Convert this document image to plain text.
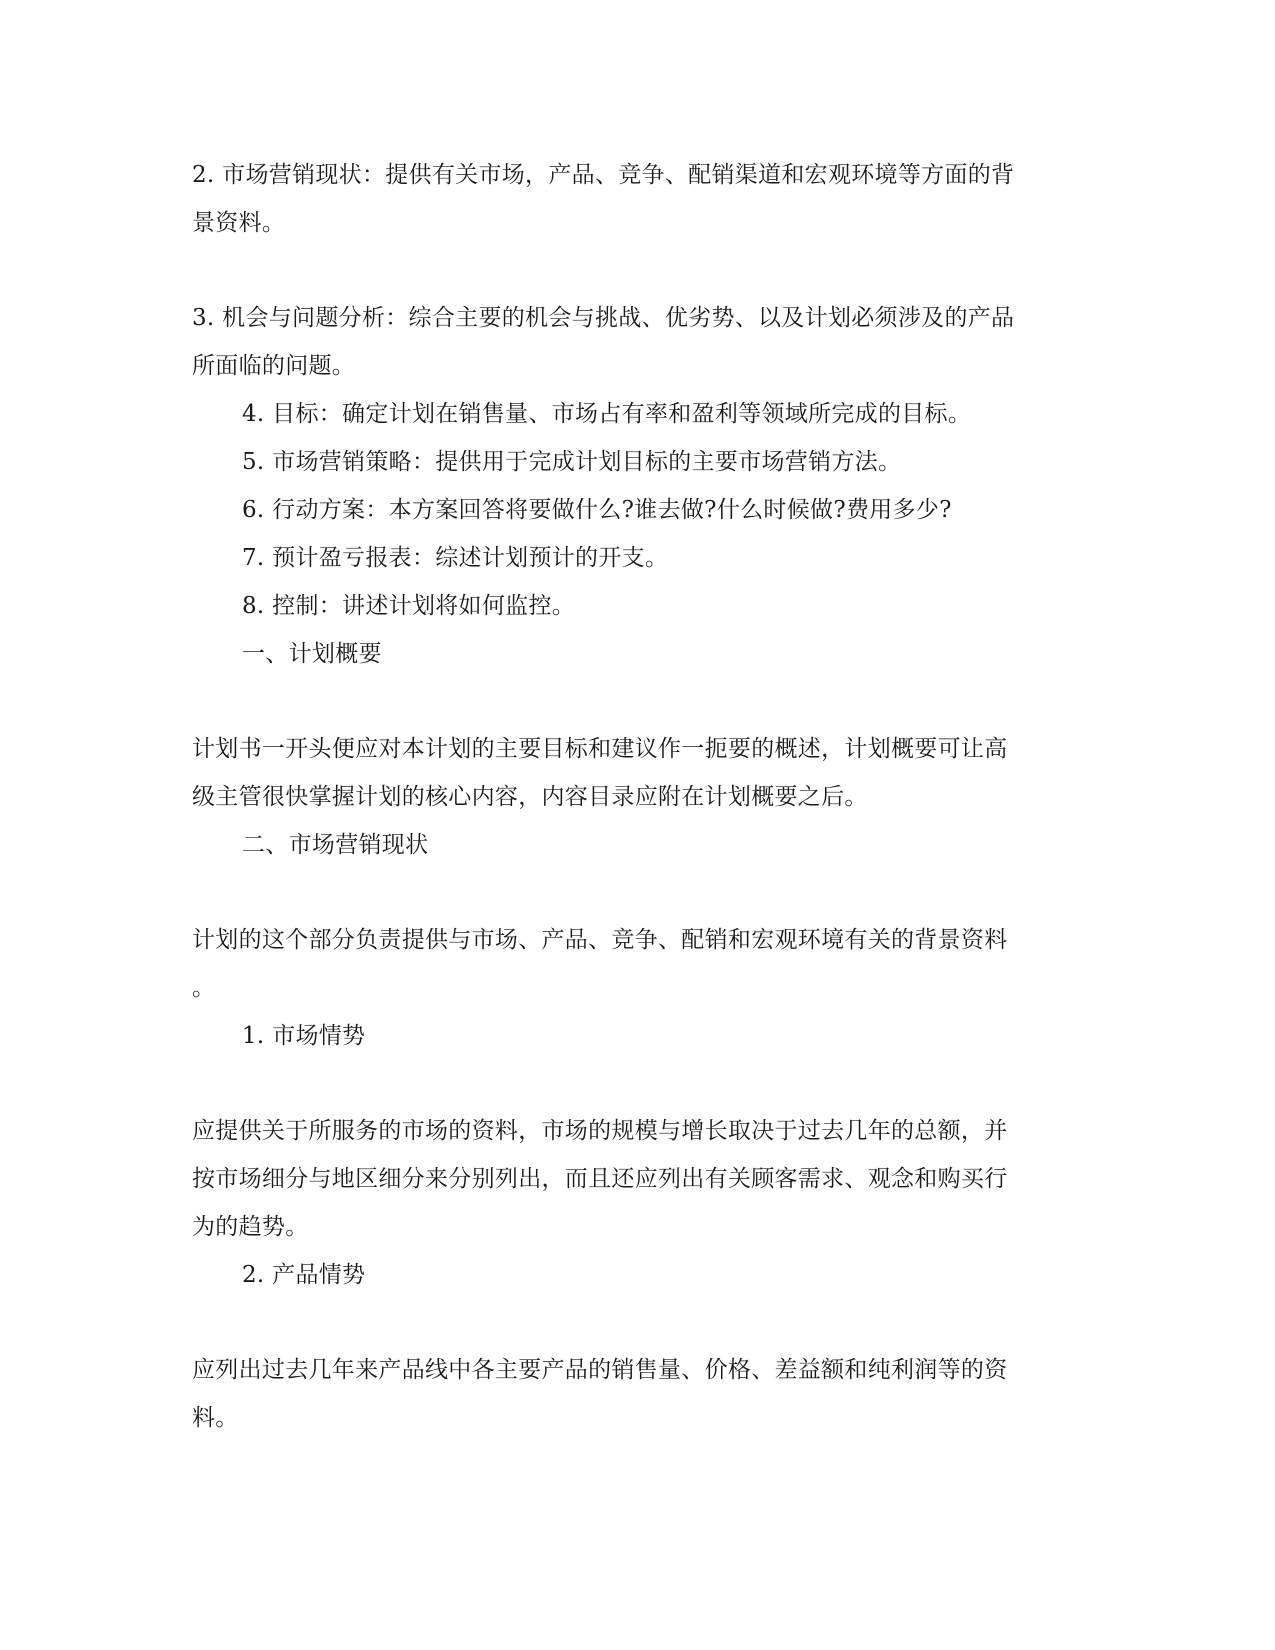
2. 市场营销现状：提供有关市场，产品、竞争、配销渠道和宏观环境等方面的背
景资料。
3. 机会与问题分析：综合主要的机会与挑战、优劣势、以及计划必须涉及的产品
所面临的问题。
4. 目标：确定计划在销售量、市场占有率和盈利等领域所完成的目标。
5. 市场营销策略：提供用于完成计划目标的主要市场营销方法。
6. 行动方案：本方案回答将要做什么?谁去做?什么时候做?费用多少?
7. 预计盈亏报表：综述计划预计的开支。
8. 控制：讲述计划将如何监控。
一、计划概要
计划书一开头便应对本计划的主要目标和建议作一扼要的概述，计划概要可让高
级主管很快掌握计划的核心内容，内容目录应附在计划概要之后。
二、市场营销现状
计划的这个部分负责提供与市场、产品、竞争、配销和宏观环境有关的背景资料
。
1. 市场情势
应提供关于所服务的市场的资料，市场的规模与增长取决于过去几年的总额，并
按市场细分与地区细分来分别列出，而且还应列出有关顾客需求、观念和购买行
为的趋势。
2. 产品情势
应列出过去几年来产品线中各主要产品的销售量、价格、差益额和纯利润等的资
料。
